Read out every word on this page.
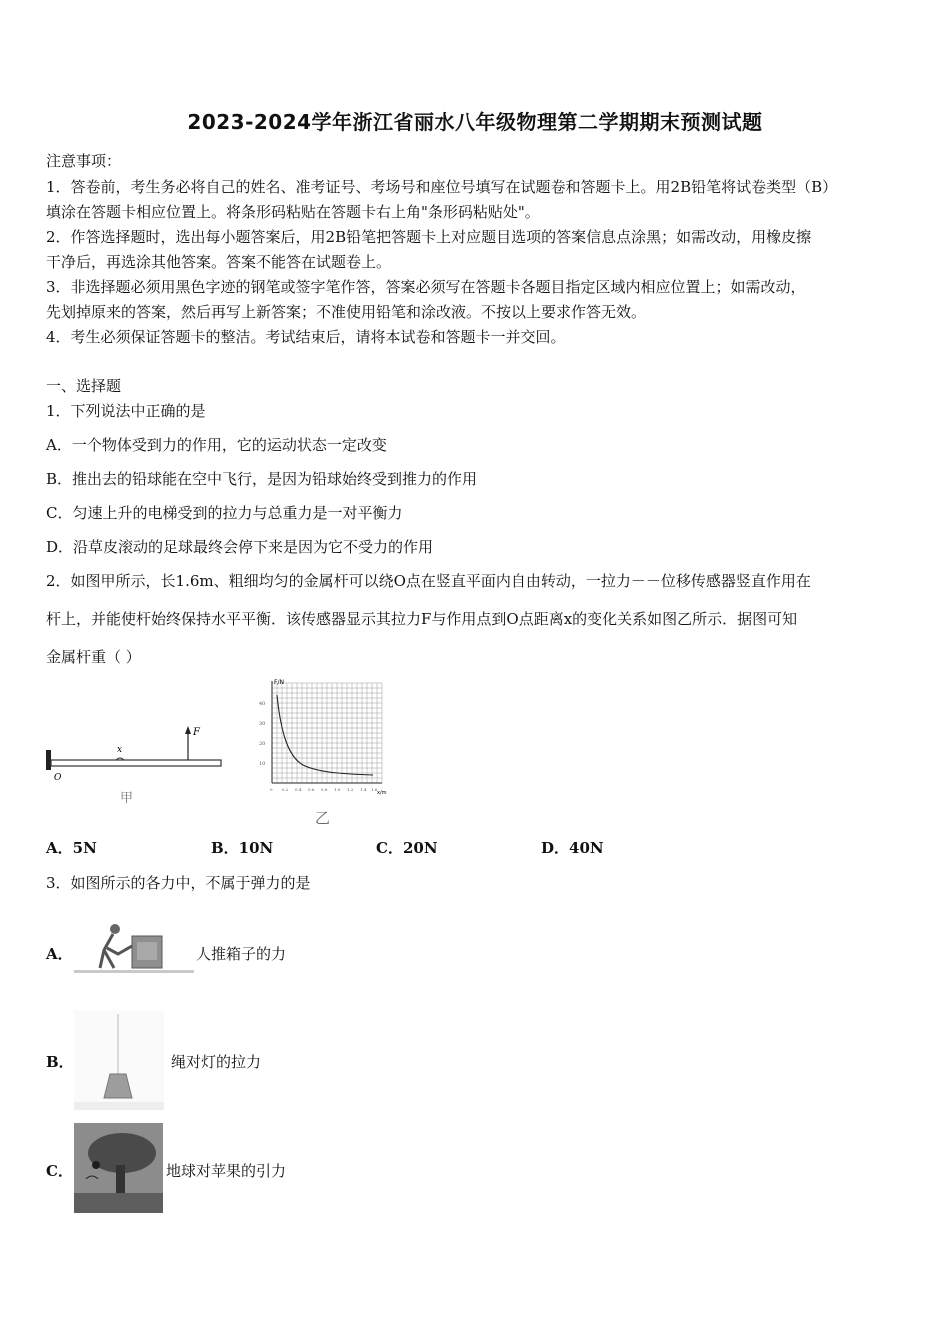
2023-2024学年浙江省丽水八年级物理第二学期期末预测试题
注意事项：
1．答卷前，考生务必将自己的姓名、准考证号、考场号和座位号填写在试题卷和答题卡上。用2B铅笔将试卷类型（B）
填涂在答题卡相应位置上。将条形码粘贴在答题卡右上角"条形码粘贴处"。
2．作答选择题时，选出每小题答案后，用2B铅笔把答题卡上对应题目选项的答案信息点涂黑；如需改动，用橡皮擦
干净后，再选涂其他答案。答案不能答在试题卷上。
3．非选择题必须用黑色字迹的钢笔或签字笔作答，答案必须写在答题卡各题目指定区域内相应位置上；如需改动，
先划掉原来的答案，然后再写上新答案；不准使用铅笔和涂改液。不按以上要求作答无效。
4．考生必须保证答题卡的整洁。考试结束后，请将本试卷和答题卡一并交回。
一、选择题
1．下列说法中正确的是
A．一个物体受到力的作用，它的运动状态一定改变
B．推出去的铅球能在空中飞行，是因为铅球始终受到推力的作用
C．匀速上升的电梯受到的拉力与总重力是一对平衡力
D．沿草皮滚动的足球最终会停下来是因为它不受力的作用
2．如图甲所示，长1.6m、粗细均匀的金属杆可以绕O点在竖直平面内自由转动，一拉力－－位移传感器竖直作用在
杆上，并能使杆始终保持水平平衡．该传感器显示其拉力F与作用点到O点距离x的变化关系如图乙所示．据图可知
金属杆重（ ）
F
x
O
甲
F/N
x/m
40
30
20
10
0 0.2 0.4 0.6 0.8 1.0 1.2 1.4 1.6
乙
A．5N	B．10N	C．20N	D．40N
3．如图所示的各力中，不属于弹力的是
A．	人推箱子的力
B．	绳对灯的拉力
C．	地球对苹果的引力
